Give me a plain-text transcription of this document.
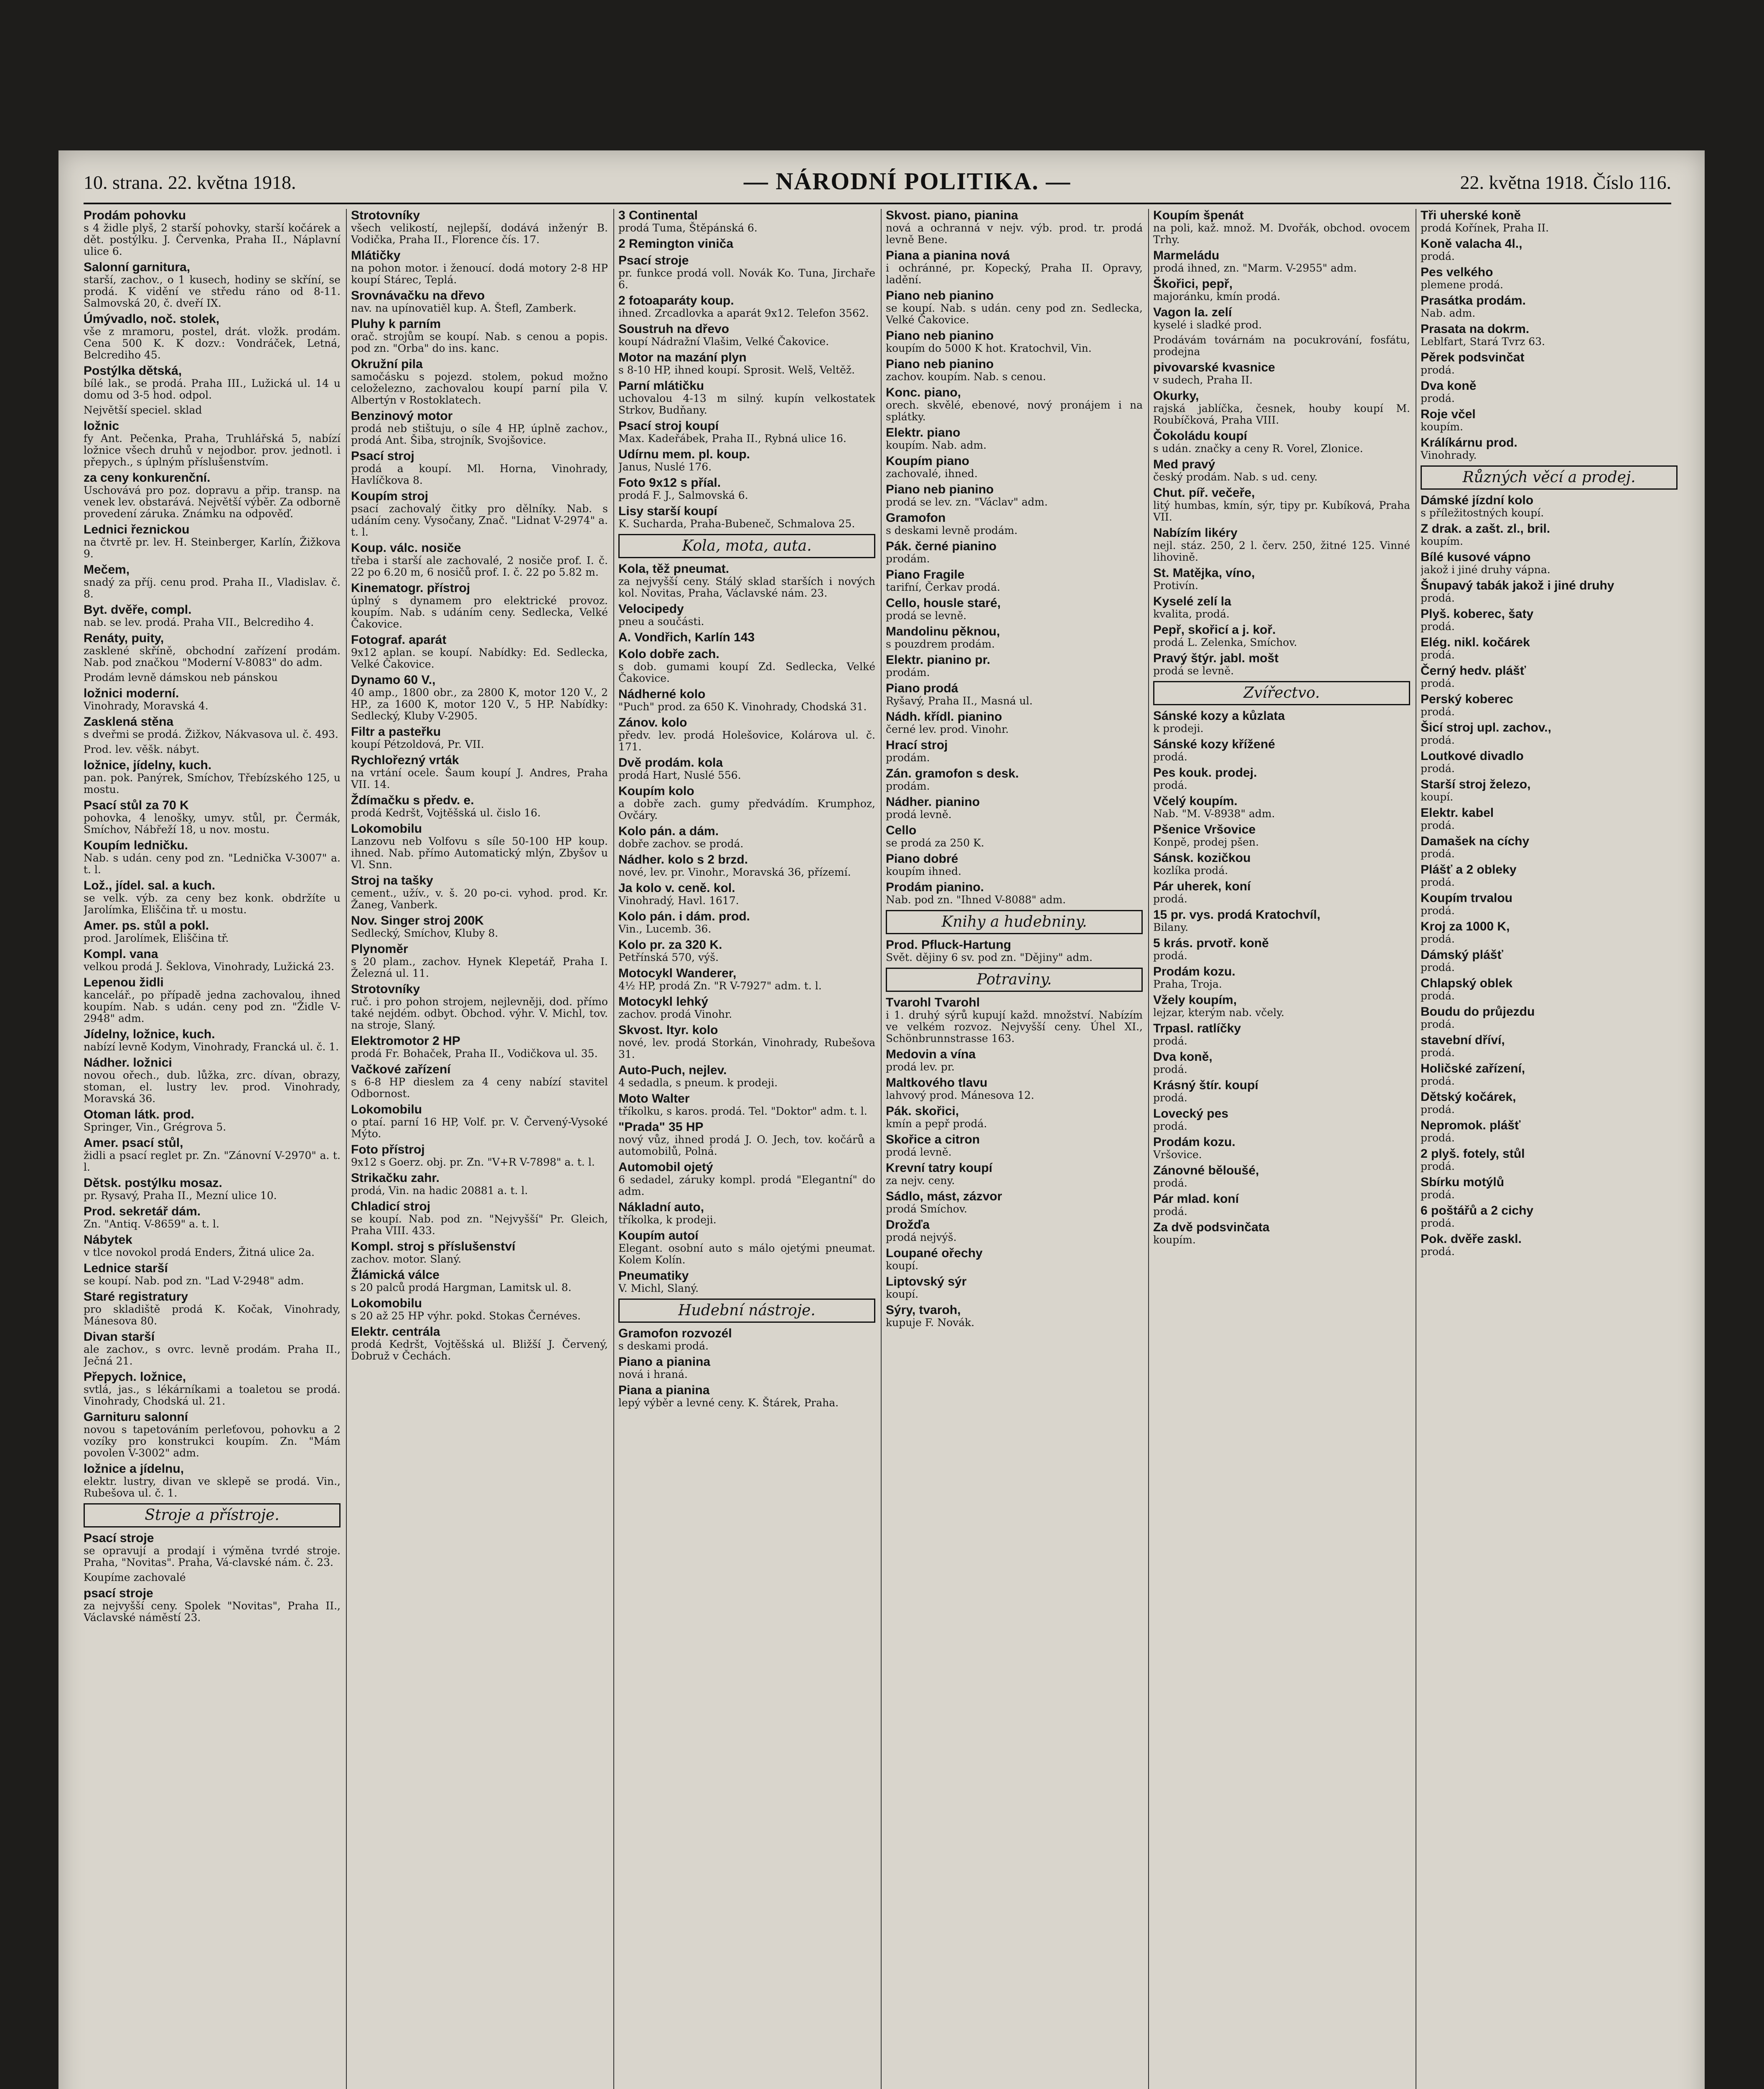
10. strana. 22. května 1918.	— NÁRODNÍ POLITIKA. —	22. května 1918. Číslo 116.
Prodám pohovku
s 4 židle plyš, 2 starší pohovky, starší kočárek a dět. postýlku. J. Červenka, Praha II., Náplavní ulice 6.
Salonní garnitura,
starší, zachov., o 1 kusech, hodiny se skříní, se prodá. K vidění ve středu ráno od 8-11. Salmovská 20, č. dveří IX.
Úmývadlo, noč. stolek,
vše z mramoru, postel, drát. vložk. prodám. Cena 500 K. K dozv.: Vondráček, Letná, Belcrediho 45.
Postýlka dětská,
bílé lak., se prodá. Praha III., Lužická ul. 14 u domu od 3-5 hod. odpol.
Největší speciel. sklad
ložnic
fy Ant. Pečenka, Praha, Truhlářská 5, nabízí ložnice všech druhů v nejodbor. prov. jednotl. i přepych., s úplným příslušenstvím.
za ceny konkurenční.
Uschovává pro poz. dopravu a přip. transp. na venek lev. obstarává. Největší výběr. Za odborně provedení záruka. Známku na odpověď.
Lednici řeznickou
na čtvrtě pr. lev. H. Steinberger, Karlín, Žižkova 9.
Mečem,
snadý za příj. cenu prod. Praha II., Vladislav. č. 8.
Byt. dvěře, compl.
nab. se lev. prodá. Praha VII., Belcrediho 4.
Renáty, puity,
zasklené skříně, obchodní zařízení prodám. Nab. pod značkou "Moderní V-8083" do adm.
Prodám levně dámskou neb pánskou
ložnici moderní.
Vinohrady, Moravská 4.
Zasklená stěna
s dveřmi se prodá. Žižkov, Nákvasova ul. č. 493.
Prod. lev. věšk. nábyt.
ložnice, jídelny, kuch.
pan. pok. Panýrek, Smíchov, Třebízského 125, u mostu.
Psací stůl za 70 K
pohovka, 4 lenošky, umyv. stůl, pr. Čermák, Smíchov, Nábřeží 18, u nov. mostu.
Koupím ledničku.
Nab. s udán. ceny pod zn. "Lednička V-3007" a. t. l.
Lož., jídel. sal. a kuch.
se velk. výb. za ceny bez konk. obdržíte u Jarolímka, Eliščina tř. u mostu.
Amer. ps. stůl a pokl.
prod. Jarolímek, Eliščina tř.
Kompl. vana
velkou prodá J. Šeklova, Vinohrady, Lužická 23.
Lepenou židli
kancelář., po případě jedna zachovalou, ihned koupím. Nab. s udán. ceny pod zn. "Židle V-2948" adm.
Jídelny, ložnice, kuch.
nabízí levně Kodym, Vinohrady, Francká ul. č. 1.
Nádher. ložnici
novou ořech., dub. lůžka, zrc. dívan, obrazy, stoman, el. lustry lev. prod. Vinohrady, Moravská 36.
Otoman látk. prod.
Springer, Vin., Grégrova 5.
Amer. psací stůl,
židli a psací reglet pr. Zn. "Zánovní V-2970" a. t. l.
Dětsk. postýlku mosaz.
pr. Rysavý, Praha II., Mezní ulice 10.
Prod. sekretář dám.
Zn. "Antiq. V-8659" a. t. l.
Nábytek
v tlce novokol prodá Enders, Žitná ulice 2a.
Lednice starší
se koupí. Nab. pod zn. "Lad V-2948" adm.
Staré registratury
pro skladiště prodá K. Kočak, Vinohrady, Mánesova 80.
Divan starší
ale zachov., s ovrc. levně prodám. Praha II., Ječná 21.
Přepych. ložnice,
svtlá, jas., s lékárníkami a toaletou se prodá. Vinohrady, Chodská ul. 21.
Garnituru salonní
novou s tapetováním perleťovou, pohovku a 2 vozíky pro konstrukci koupím. Zn. "Mám povolen V-3002" adm.
ložnice a jídelnu,
elektr. lustry, divan ve sklepě se prodá. Vin., Rubešova ul. č. 1.
Stroje a přístroje.
Psací stroje
se opravují a prodají i výměna tvrdé stroje. Praha, "Novitas". Praha, Vá-clavské nám. č. 23.
Koupíme zachovalé
psací stroje
za nejvyšší ceny. Spolek "Novitas", Praha II., Václavské náměstí 23.
Strotovníky
všech velikostí, nejlepší, dodává inženýr B. Vodička, Praha II., Florence čís. 17.
Mlátičky
na pohon motor. i ženoucí. dodá motory 2-8 HP koupí Stárec, Teplá.
Srovnávačku na dřevo
nav. na upínovatiěl kup. A. Štefl, Zamberk.
Pluhy k parním
orač. strojům se koupí. Nab. s cenou a popis. pod zn. "Orba" do ins. kanc.
Okružní pila
samočásku s pojezd. stolem, pokud možno celoželezno, zachovalou koupí parní pila V. Albertýn v Rostoklatech.
Benzinový motor
prodá neb stištuju, o síle 4 HP, úplně zachov., prodá Ant. Šiba, strojník, Svojšovice.
Psací stroj
prodá a koupí. Ml. Horna, Vinohrady, Havlíčkova 8.
Koupím stroj
psací zachovalý čitky pro dělníky. Nab. s udáním ceny. Vysočany, Znač. "Lidnat V-2974" a. t. l.
Koup. válc. nosiče
třeba i starší ale zachovalé, 2 nosiče prof. I. č. 22 po 6.20 m, 6 nosičů prof. I. č. 22 po 5.82 m.
Kinematogr. přístroj
úplný s dynamem pro elektrické provoz. koupím. Nab. s udáním ceny. Sedlecka, Velké Čakovice.
Fotograf. aparát
9x12 aplan. se koupí. Nabídky: Ed. Sedlecka, Velké Čakovice.
Dynamo 60 V.,
40 amp., 1800 obr., za 2800 K, motor 120 V., 2 HP., za 1600 K, motor 120 V., 5 HP. Nabídky: Sedlecký, Kluby V-2905.
Filtr a pasteřku
koupí Pétzoldová, Pr. VII.
Rychlořezný vrták
na vrtání ocele. Šaum koupí J. Andres, Praha VII. 14.
Ždímačku s předv. e.
prodá Kedršt, Vojtěšská ul. čislo 16.
Lokomobilu
Lanzovu neb Volfovu s síle 50-100 HP koup. ihned. Nab. přímo Automatický mlýn, Zbyšov u Vl. Snn.
Stroj na tašky
cement., užív., v. š. 20 po-ci. vyhod. prod. Kr. Žaneg, Vanberk.
Nov. Singer stroj 200K
Sedlecký, Smíchov, Kluby 8.
Plynoměr
s 20 plam., zachov. Hynek Klepetář, Praha I. Železná ul. 11.
Strotovníky
ruč. i pro pohon strojem, nejlevněji, dod. přímo také nejdém. odbyt. Obchod. výhr. V. Michl, tov. na stroje, Slaný.
Elektromotor 2 HP
prodá Fr. Bohaček, Praha II., Vodičkova ul. 35.
Vačkové zařízení
s 6-8 HP dieslem za 4 ceny nabízí stavitel Odbornost.
Lokomobilu
o ptaí. parní 16 HP, Volf. pr. V. Červený-Vysoké Mýto.
Foto přístroj
9x12 s Goerz. obj. pr. Zn. "V+R V-7898" a. t. l.
Strikačku zahr.
prodá, Vin. na hadic 20881 a. t. l.
Chladicí stroj
se koupí. Nab. pod zn. "Nejvyšší" Pr. Gleich, Praha VIII. 433.
Kompl. stroj s příslušenství
zachov. motor. Slaný.
Žlámická válce
s 20 palců prodá Hargman, Lamitsk ul. 8.
Lokomobilu
s 20 až 25 HP výhr. pokd. Stokas Černéves.
Elektr. centrála
prodá Kedršt, Vojtěšská ul. Bližší J. Červený, Dobruž v Čechách.
3 Continental
prodá Tuma, Štěpánská 6.
2 Remington viniča
Psací stroje
pr. funkce prodá voll. Novák Ko. Tuna, Jirchaře 6.
2 fotoaparáty koup.
ihned. Zrcadlovka a aparát 9x12. Telefon 3562.
Soustruh na dřevo
koupí Nádražní Vlašim, Velké Čakovice.
Motor na mazání plyn
s 8-10 HP, ihned koupí. Sprosit. Welš, Veltěž.
Parní mlátičku
uchovalou 4-13 m silný. kupín velkostatek Strkov, Budňany.
Psací stroj koupí
Max. Kadeřábek, Praha II., Rybná ulice 16.
Udírnu mem. pl. koup.
Janus, Nuslé 176.
Foto 9x12 s příal.
prodá F. J., Salmovská 6.
Lisy starší koupí
K. Sucharda, Praha-Bubeneč, Schmalova 25.
Kola, mota, auta.
Kola, těž pneumat.
za nejvyšší ceny. Stálý sklad starších i nových kol. Novitas, Praha, Václavské nám. 23.
Velocipedy
pneu a součásti.
A. Vondřich, Karlín 143
Kolo dobře zach.
s dob. gumami koupí Zd. Sedlecka, Velké Čakovice.
Nádherné kolo
"Puch" prod. za 650 K. Vinohrady, Chodská 31.
Zánov. kolo
předv. lev. prodá Holešovice, Kolárova ul. č. 171.
Dvě prodám. kola
prodá Hart, Nuslé 556.
Koupím kolo
a dobře zach. gumy předvádím. Krumphoz, Ovčáry.
Kolo pán. a dám.
dobře zachov. se prodá.
Nádher. kolo s 2 brzd.
nové, lev. pr. Vinohr., Moravská 36, přízemí.
Ja kolo v. ceně. kol.
Vinohradý, Havl. 1617.
Kolo pán. i dám. prod.
Vin., Lucemb. 36.
Kolo pr. za 320 K.
Petřínská 570, výš.
Motocykl Wanderer,
4½ HP, prodá Zn. "R V-7927" adm. t. l.
Motocykl lehký
zachov. prodá Vinohr.
Skvost. ltyr. kolo
nové, lev. prodá Storkán, Vinohrady, Rubešova 31.
Auto-Puch, nejlev.
4 sedadla, s pneum. k prodeji.
Moto Walter
tříkolku, s karos. prodá. Tel. "Doktor" adm. t. l.
"Prada" 35 HP
nový vůz, ihned prodá J. O. Jech, tov. kočárů a automobilů, Polná.
Automobil ojetý
6 sedadel, záruky kompl. prodá "Elegantní" do adm.
Nákladní auto,
tříkolka, k prodeji.
Koupím autoí
Elegant. osobní auto s málo ojetými pneumat. Kolem Kolín.
Pneumatiky
V. Michl, Slaný.
Hudební nástroje.
Gramofon rozvozél
s deskami prodá.
Piano a pianina
nová i hraná.
Piana a pianina
lepý výběr a levné ceny. K. Štárek, Praha.
Skvost. piano, pianina
nová a ochranná v nejv. výb. prod. tr. prodá levně Bene.
Piana a pianina nová
i ochránné, pr. Kopecký, Praha II. Opravy, ladění.
Piano neb pianino
se koupí. Nab. s udán. ceny pod zn. Sedlecka, Velké Čakovice.
Piano neb pianino
koupím do 5000 K hot. Kratochvil, Vin.
Piano neb pianino
zachov. koupím. Nab. s cenou.
Konc. piano,
orech. skvělé, ebenové, nový pronájem i na splátky.
Elektr. piano
koupím. Nab. adm.
Koupím piano
zachovalé, ihned.
Piano neb pianino
prodá se lev. zn. "Václav" adm.
Gramofon
s deskami levně prodám.
Pák. černé pianino
prodám.
Piano Fragile
tarifní, Čerkav prodá.
Cello, housle staré,
prodá se levně.
Mandolinu pěknou,
s pouzdrem prodám.
Elektr. pianino pr.
prodám.
Piano prodá
Ryšavý, Praha II., Masná ul.
Nádh. křídl. pianino
černé lev. prod. Vinohr.
Hrací stroj
prodám.
Zán. gramofon s desk.
prodám.
Nádher. pianino
prodá levně.
Cello
se prodá za 250 K.
Piano dobré
koupím ihned.
Prodám pianino.
Nab. pod zn. "Ihned V-8088" adm.
Knihy a hudebniny.
Prod. Pfluck-Hartung
Svět. dějiny 6 sv. pod zn. "Dějiny" adm.
Potraviny.
Tvarohl Tvarohl
i 1. druhý sýrů kupují každ. množství. Nabízím ve velkém rozvoz. Nejvyšší ceny. Úhel XI., Schönbrunnstrasse 163.
Medovin a vína
prodá lev. pr.
Maltkového tlavu
lahvový prod. Mánesova 12.
Pák. skořici,
kmín a pepř prodá.
Skořice a citron
prodá levně.
Krevní tatry koupí
za nejv. ceny.
Sádlo, mást, zázvor
prodá Smíchov.
Drožďa
prodá nejvýš.
Loupané ořechy
koupí.
Liptovský sýr
koupí.
Sýry, tvaroh,
kupuje F. Novák.
Koupím špenát
na poli, kaž. množ. M. Dvořák, obchod. ovocem Trhy.
Marmeládu
prodá ihned, zn. "Marm. V-2955" adm.
Škořici, pepř,
majoránku, kmín prodá.
Vagon la. zelí
kyselé i sladké prod.
Prodávám továrnám na pocukrování, fosfátu, prodejna
pivovarské kvasnice
v sudech, Praha II.
Okurky,
rajská jablíčka, česnek, houby koupí M. Roubíčková, Praha VIII.
Čokoládu koupí
s udán. značky a ceny R. Vorel, Zlonice.
Med pravý
český prodám. Nab. s ud. ceny.
Chut. píř. večeře,
litý humbas, kmín, sýr, tipy pr. Kubíková, Praha VII.
Nabízím likéry
nejl. stáz. 250, 2 l. červ. 250, žitné 125. Vinné lihovině.
St. Matějka, víno,
Protivín.
Kyselé zelí la
kvalita, prodá.
Pepř, skořicí a j. koř.
prodá L. Zelenka, Smíchov.
Pravý štýr. jabl. mošt
prodá se levně.
Zvířectvo.
Sánské kozy a kůzlata
k prodeji.
Sánské kozy křížené
prodá.
Pes kouk. prodej.
prodá.
Včelý koupím.
Nab. "M. V-8938" adm.
Pšenice Vršovice
Konpě, prodej pšen.
Sánsk. kozičkou
kozlíka prodá.
Pár uherek, koní
prodá.
15 pr. vys. prodá Kratochvíl,
Bilany.
5 krás. prvotř. koně
prodá.
Prodám kozu.
Praha, Troja.
Vžely koupím,
lejzar, kterým nab. včely.
Trpasl. ratlíčky
prodá.
Dva koně,
prodá.
Krásný štír. koupí
prodá.
Lovecký pes
prodá.
Prodám kozu.
Vršovice.
Zánovné běloušé,
prodá.
Pár mlad. koní
prodá.
Za dvě podsvinčata
koupím.
Tři uherské koně
prodá Kořínek, Praha II.
Koně valacha 4l.,
prodá.
Pes velkého
plemene prodá.
Prasátka prodám.
Nab. adm.
Prasata na dokrm.
Leblfart, Stará Tvrz 63.
Pěrek podsvinčat
prodá.
Dva koně
prodá.
Roje včel
koupím.
Králíkárnu prod.
Vinohrady.
Různých věcí a prodej.
Dámské jízdní kolo
s příležitostných koupí.
Z drak. a zašt. zl., bril.
koupím.
Bílé kusové vápno
jakož i jiné druhy vápna.
Šnupavý tabák jakož i jiné druhy
prodá.
Plyš. koberec, šaty
prodá.
Elég. nikl. kočárek
prodá.
Černý hedv. plášť
prodá.
Perský koberec
prodá.
Šicí stroj upl. zachov.,
prodá.
Loutkové divadlo
prodá.
Starší stroj železo,
koupí.
Elektr. kabel
prodá.
Damašek na cíchy
prodá.
Plášť a 2 obleky
prodá.
Koupím trvalou
prodá.
Kroj za 1000 K,
prodá.
Dámský plášť
prodá.
Chlapský oblek
prodá.
Boudu do průjezdu
prodá.
stavební dříví,
prodá.
Holičské zařízení,
prodá.
Dětský kočárek,
prodá.
Nepromok. plášť
prodá.
2 plyš. fotely, stůl
prodá.
Sbírku motýlů
prodá.
6 poštářů a 2 cichy
prodá.
Pok. dvěře zaskl.
prodá.
